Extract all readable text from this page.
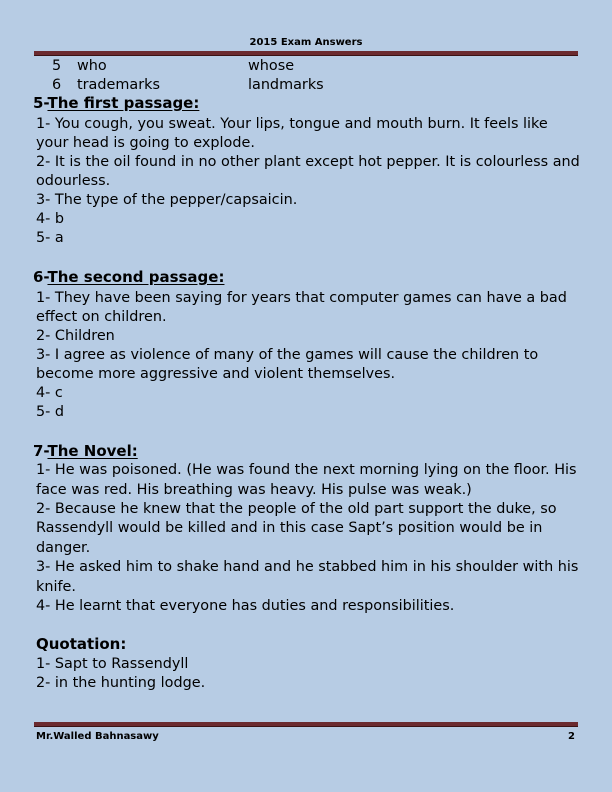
2015 Exam Answers
5 who	whose
6 trademarks	landmarks
5-The first passage:
1- You cough, you sweat. Your lips, tongue and mouth burn. It feels like
your head is going to explode.
2- It is the oil found in no other plant except hot pepper. It is colourless and
odourless.
3- The type of the pepper/capsaicin.
4- b
5- a
6-The second passage:
1- They have been saying for years that computer games can have a bad
effect on children.
2- Children
3- I agree as violence of many of the games will cause the children to
become more aggressive and violent themselves.
4- c
5- d
7-The Novel:
1- He was poisoned. (He was found the next morning lying on the floor. His
face was red. His breathing was heavy. His pulse was weak.)
2- Because he knew that the people of the old part support the duke, so
Rassendyll would be killed and in this case Sapt’s position would be in
danger.
3- He asked him to shake hand and he stabbed him in his shoulder with his
knife.
4- He learnt that everyone has duties and responsibilities.
Quotation:
1- Sapt to Rassendyll
2- in the hunting lodge.
Mr.Walled Bahnasawy	2
